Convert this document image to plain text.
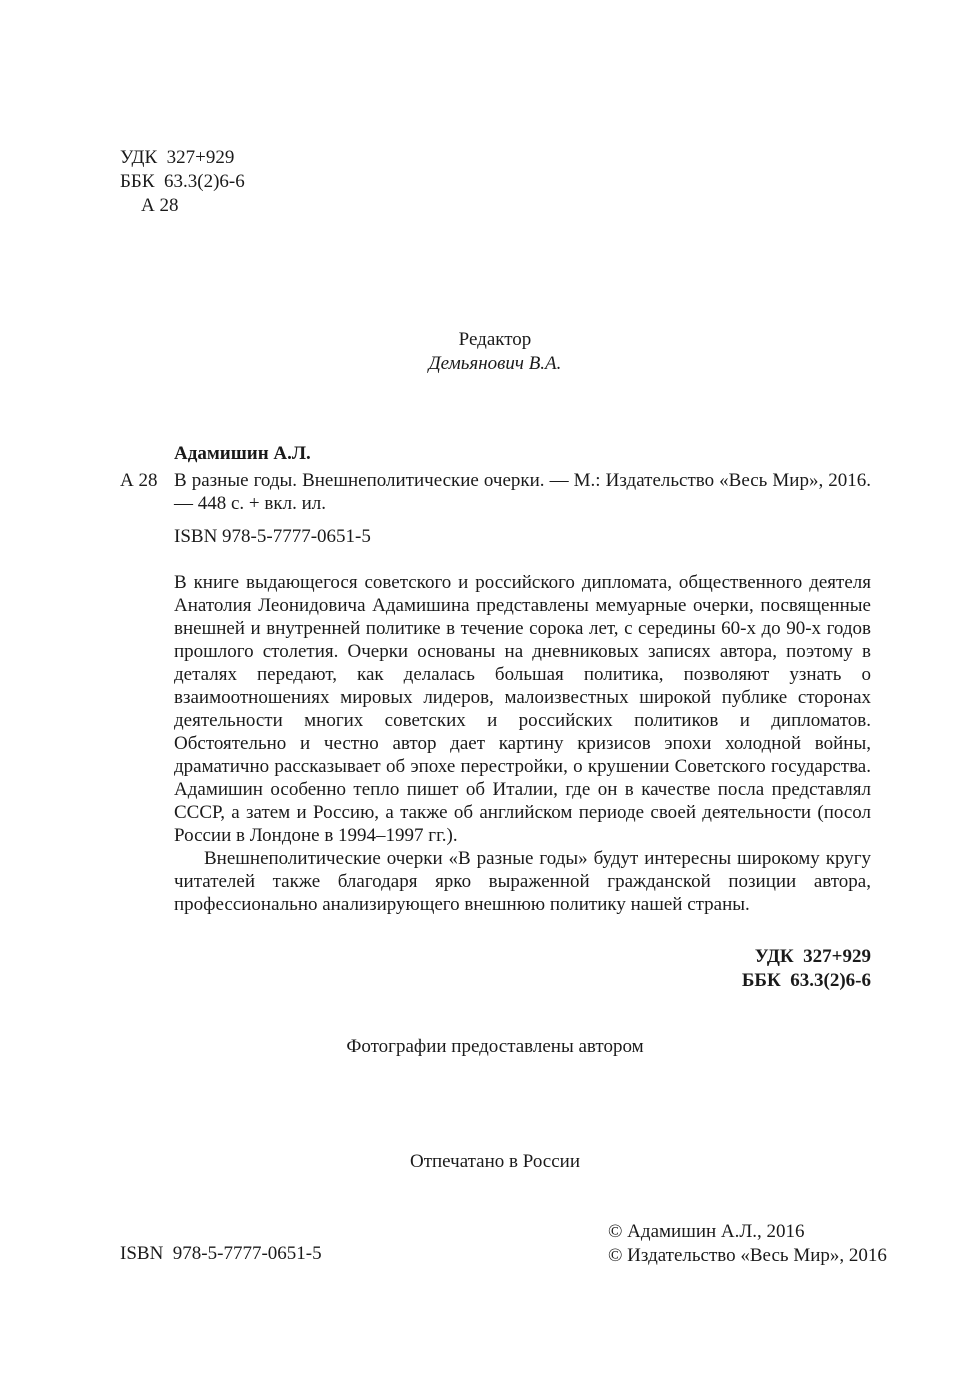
УДК  327+929
ББК  63.3(2)6-6
А 28
Редактор
Демьянович В.А.
Адамишин А.Л.
А 28 В разные годы. Внешнеполитические очерки. — М.: Издательство «Весь Мир», 2016. — 448 с. + вкл. ил.
ISBN 978-5-7777-0651-5

В книге выдающегося советского и российского дипломата, общественного деятеля Анатолия Леонидовича Адамишина представлены мемуарные очерки, посвященные внешней и внутренней политике в течение сорока лет, с середины 60-х до 90-х годов прошлого столетия. Очерки основаны на дневниковых записях автора, поэтому в деталях передают, как делалась большая политика, позволяют узнать о взаимоотношениях мировых лидеров, малоизвестных широкой публике сторонах деятельности многих советских и российских политиков и дипломатов. Обстоятельно и честно автор дает картину кризисов эпохи холодной войны, драматично рассказывает об эпохе перестройки, о крушении Советского государства. Адамишин особенно тепло пишет об Италии, где он в качестве посла представлял СССР, а затем и Россию, а также об английском периоде своей деятельности (посол России в Лондоне в 1994–1997 гг.).

Внешнеполитические очерки «В разные годы» будут интересны широкому кругу читателей также благодаря ярко выраженной гражданской позиции автора, профессионально анализирующего внешнюю политику нашей страны.

УДК  327+929
ББК  63.3(2)6-6
Фотографии предоставлены автором
Отпечатано в России
© Адамишин А.Л., 2016
© Издательство «Весь Мир», 2016
ISBN  978-5-7777-0651-5
